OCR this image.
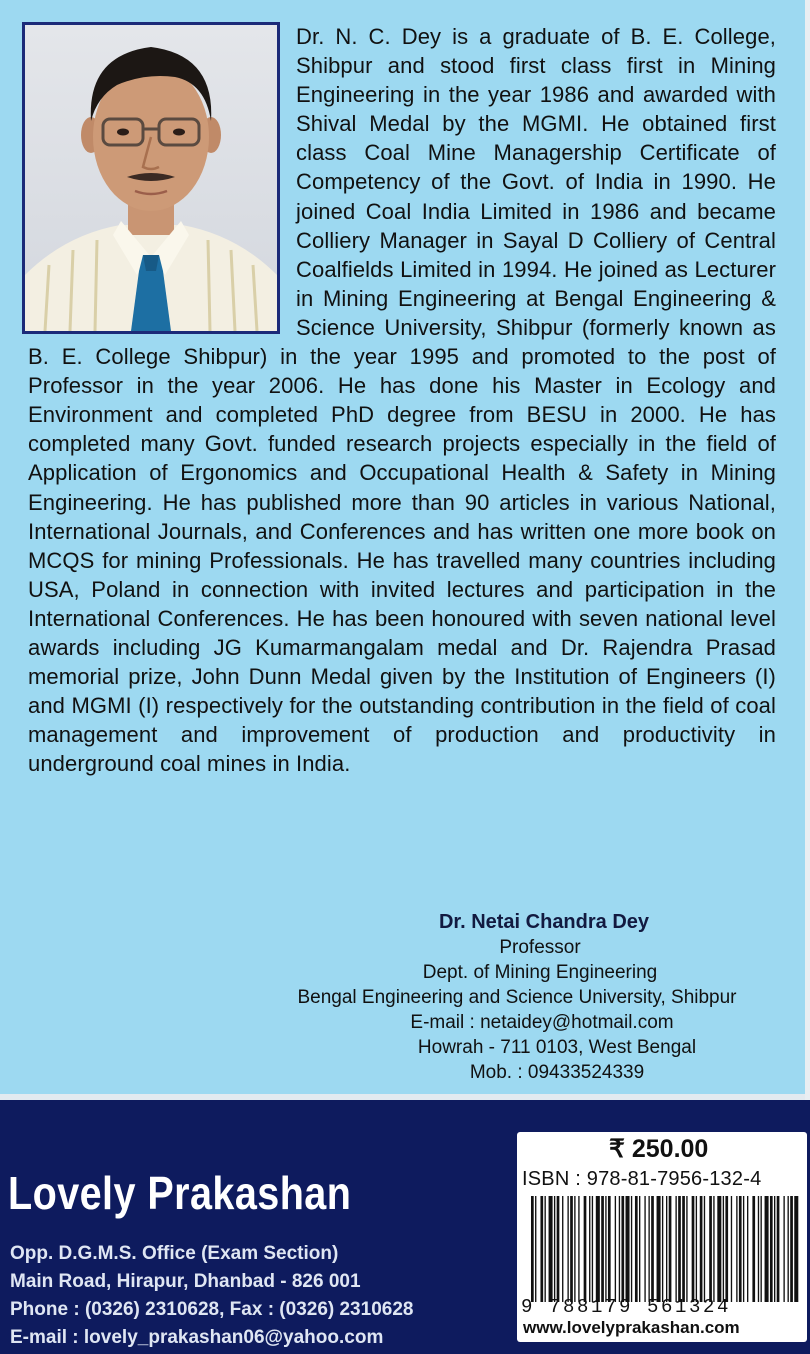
Dr. N. C. Dey is a graduate of B. E. College, Shibpur and stood first class first in Mining Engineering in the year 1986 and awarded with Shival Medal by the MGMI. He obtained first class Coal Mine Managership Certificate of Competency of the Govt. of India in 1990. He joined Coal India Limited in 1986 and became Colliery Manager in Sayal D Colliery of Central Coalfields Limited in 1994. He joined as Lecturer in Mining Engineering at Bengal Engineering & Science University, Shibpur (formerly known as B. E. College Shibpur) in the year 1995 and promoted to the post of Professor in the year 2006. He has done his Master in Ecology and Environment and completed PhD degree from BESU in 2000. He has completed many Govt. funded research projects especially in the field of Application of Ergonomics and Occupational Health & Safety in Mining Engineering. He has published more than 90 articles in various National, International Journals, and Conferences and has written one more book on MCQS for mining Professionals. He has travelled many countries including USA, Poland in connection with invited lectures and participation in the International Conferences. He has been honoured with seven national level awards including JG Kumarmangalam medal and Dr. Rajendra Prasad memorial prize, John Dunn Medal given by the Institution of Engineers (I) and MGMI (I) respectively for the outstanding contribution in the field of coal management and improvement of production and productivity in underground coal mines in India.

Dr. Netai Chandra Dey
Professor
Dept. of Mining Engineering
Bengal Engineering and Science University, Shibpur
E-mail : netaidey@hotmail.com
Howrah - 711 0103, West Bengal
Mob. : 09433524339
Lovely Prakashan
Opp. D.G.M.S. Office (Exam Section)
Main Road, Hirapur, Dhanbad - 826 001
Phone : (0326) 2310628, Fax : (0326) 2310628
E-mail : lovely_prakashan06@yahoo.com
₹ 250.00
ISBN : 978-81-7956-132-4
9 788179 561324
www.lovelyprakashan.com
